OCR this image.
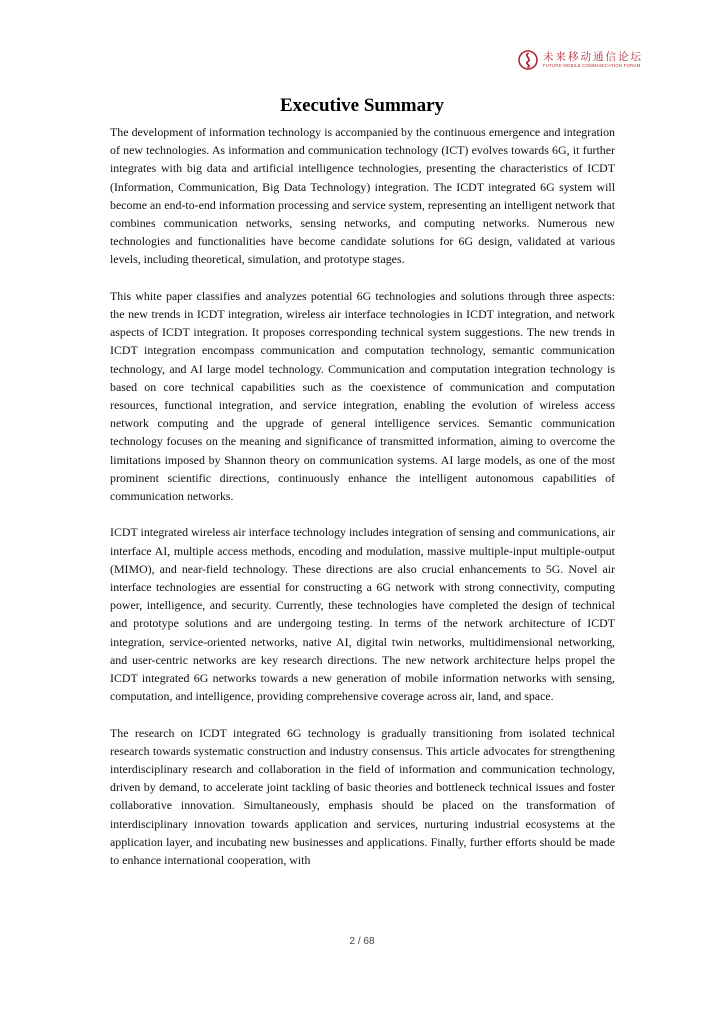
未来移动通信论坛
FUTURE MOBILE COMMUNICATION FORUM
Executive Summary

The development of information technology is accompanied by the continuous emergence and integration of new technologies. As information and communication technology (ICT) evolves towards 6G, it further integrates with big data and artificial intelligence technologies, presenting the characteristics of ICDT (Information, Communication, Big Data Technology) integration. The ICDT integrated 6G system will become an end-to-end information processing and service system, representing an intelligent network that combines communication networks, sensing networks, and computing networks. Numerous new technologies and functionalities have become candidate solutions for 6G design, validated at various levels, including theoretical, simulation, and prototype stages.

This white paper classifies and analyzes potential 6G technologies and solutions through three aspects: the new trends in ICDT integration, wireless air interface technologies in ICDT integration, and network aspects of ICDT integration. It proposes corresponding technical system suggestions. The new trends in ICDT integration encompass communication and computation technology, semantic communication technology, and AI large model technology. Communication and computation integration technology is based on core technical capabilities such as the coexistence of communication and computation resources, functional integration, and service integration, enabling the evolution of wireless access network computing and the upgrade of general intelligence services. Semantic communication technology focuses on the meaning and significance of transmitted information, aiming to overcome the limitations imposed by Shannon theory on communication systems. AI large models, as one of the most prominent scientific directions, continuously enhance the intelligent autonomous capabilities of communication networks.

ICDT integrated wireless air interface technology includes integration of sensing and communications, air interface AI, multiple access methods, encoding and modulation, massive multiple-input multiple-output (MIMO), and near-field technology. These directions are also crucial enhancements to 5G. Novel air interface technologies are essential for constructing a 6G network with strong connectivity, computing power, intelligence, and security. Currently, these technologies have completed the design of technical and prototype solutions and are undergoing testing. In terms of the network architecture of ICDT integration, service-oriented networks, native AI, digital twin networks, multidimensional networking, and user-centric networks are key research directions. The new network architecture helps propel the ICDT integrated 6G networks towards a new generation of mobile information networks with sensing, computation, and intelligence, providing comprehensive coverage across air, land, and space.

The research on ICDT integrated 6G technology is gradually transitioning from isolated technical research towards systematic construction and industry consensus. This article advocates for strengthening interdisciplinary research and collaboration in the field of information and communication technology, driven by demand, to accelerate joint tackling of basic theories and bottleneck technical issues and foster collaborative innovation. Simultaneously, emphasis should be placed on the transformation of interdisciplinary innovation towards application and services, nurturing industrial ecosystems at the application layer, and incubating new businesses and applications. Finally, further efforts should be made to enhance international cooperation, with

2 / 68
